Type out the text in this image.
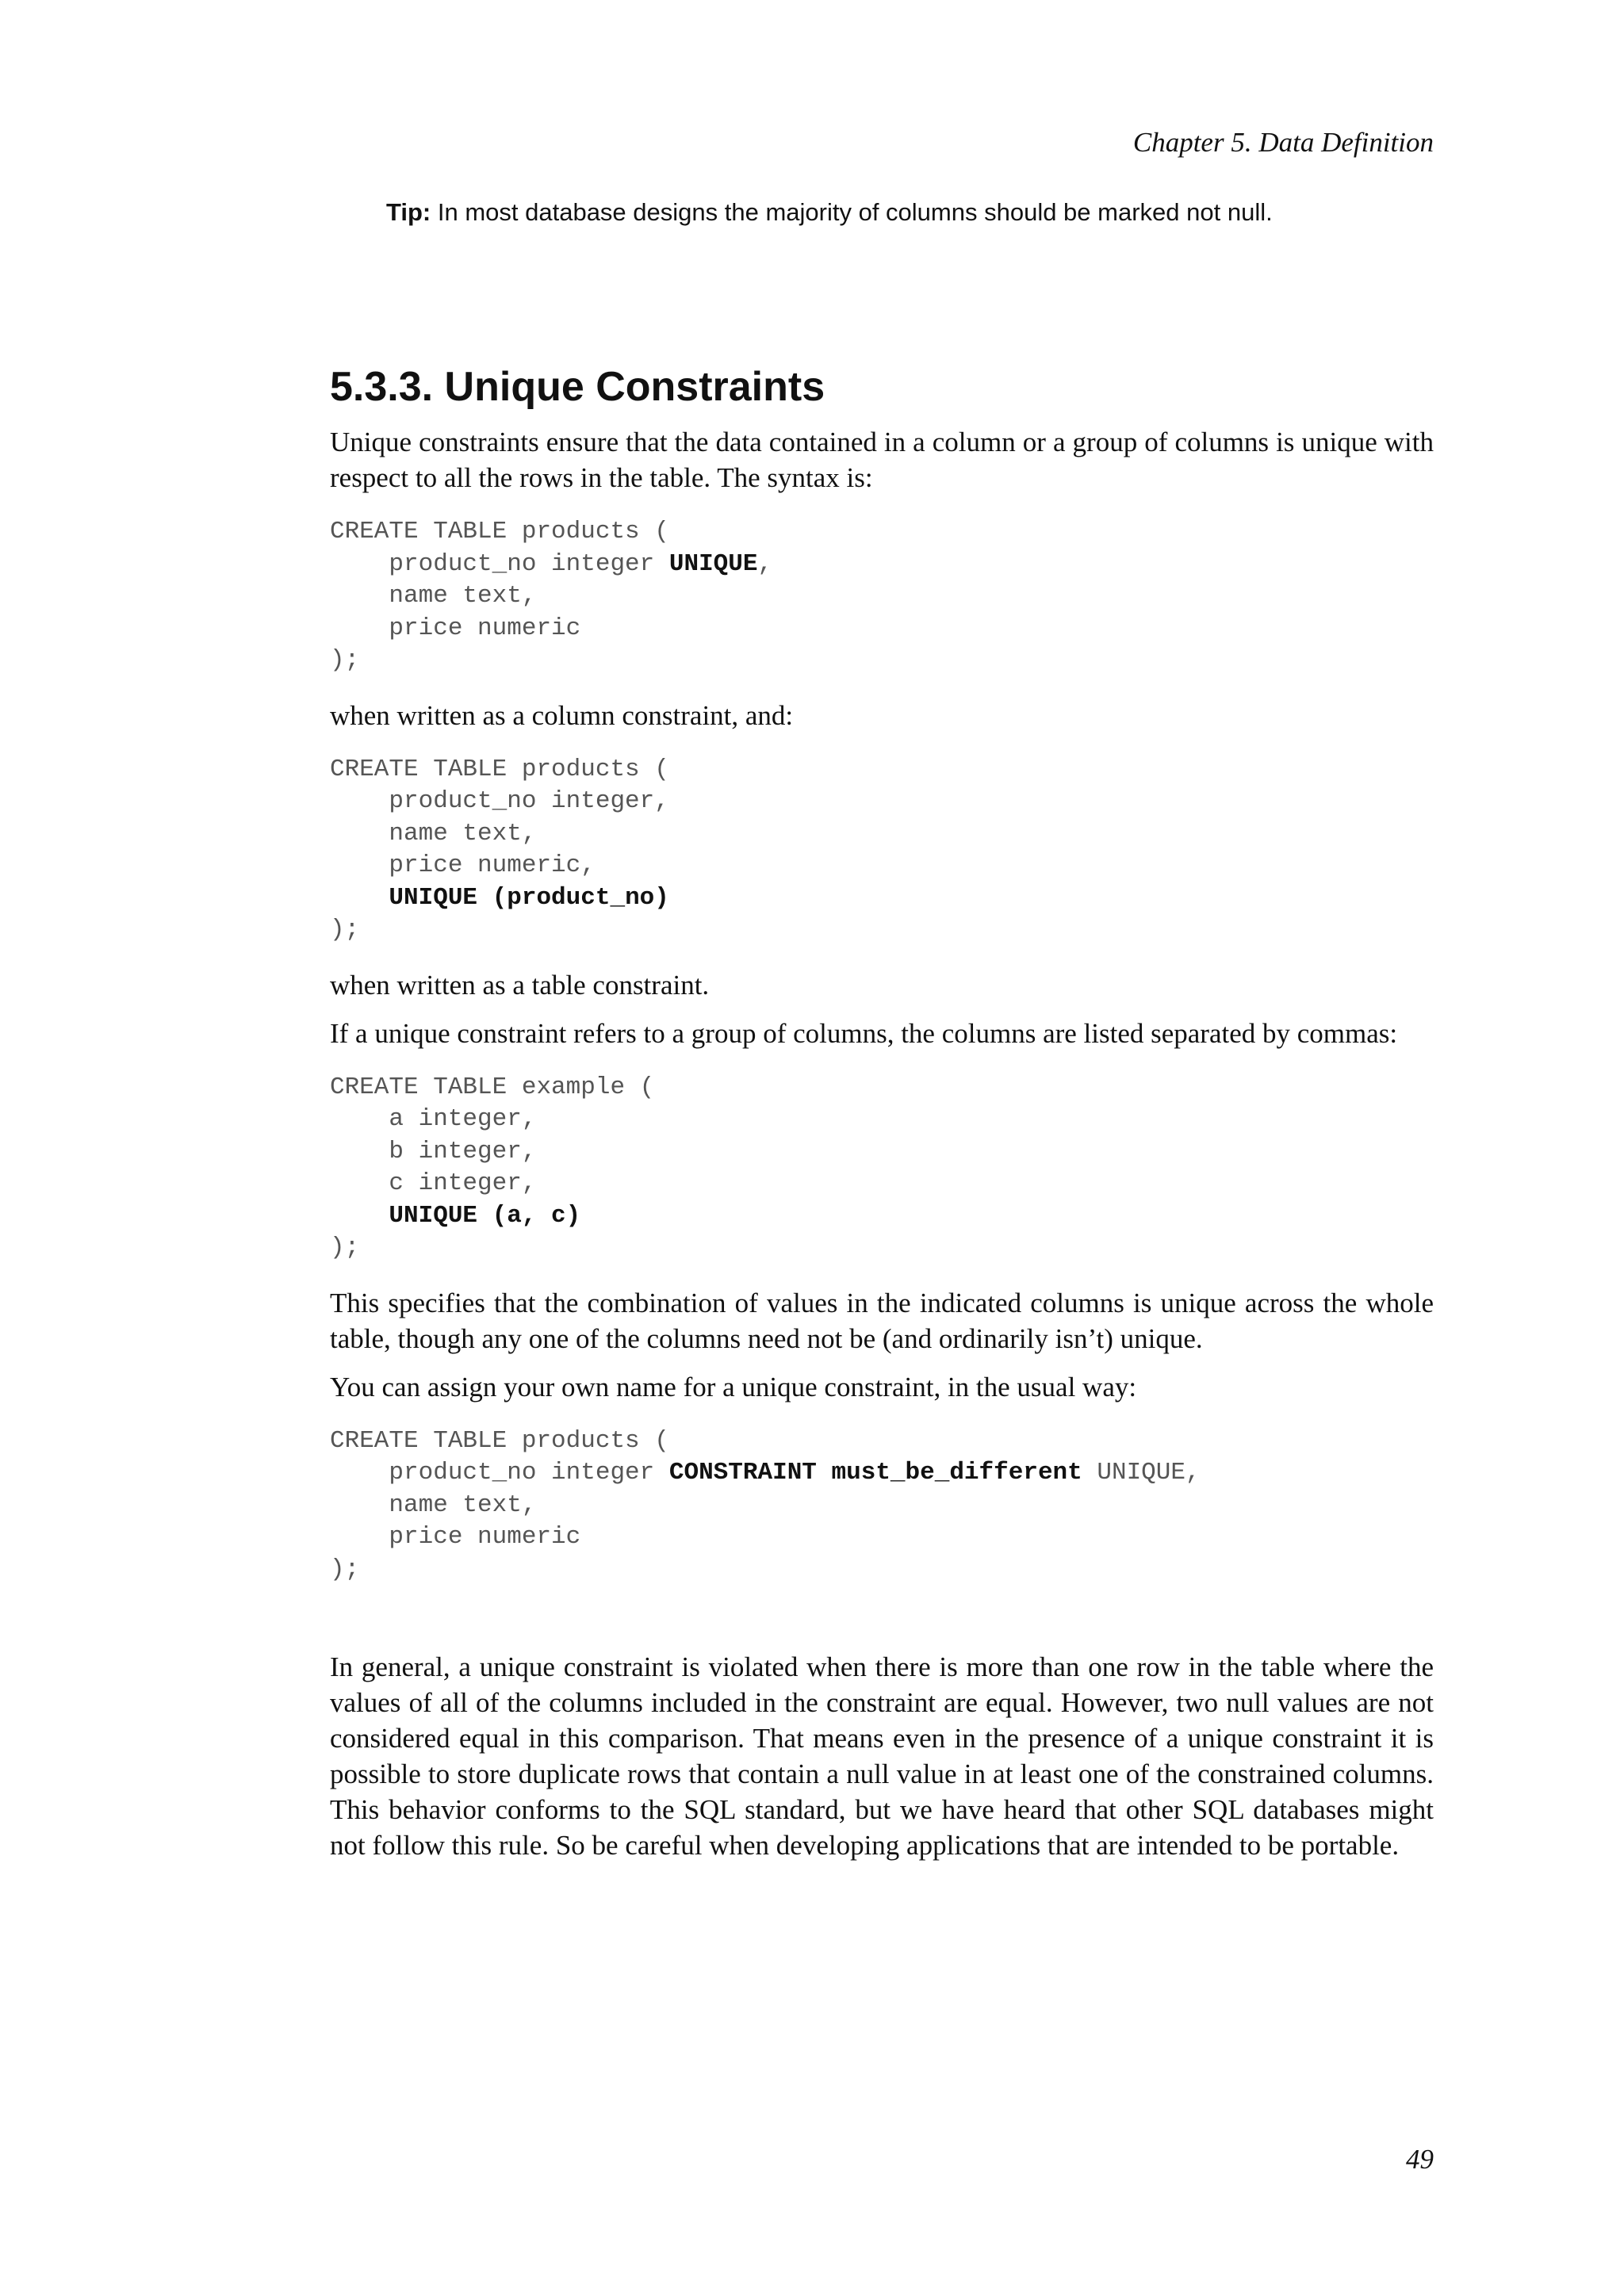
Chapter 5. Data Definition
Tip: In most database designs the majority of columns should be marked not null.
5.3.3. Unique Constraints

Unique constraints ensure that the data contained in a column or a group of columns is unique with respect to all the rows in the table. The syntax is:

CREATE TABLE products (
product_no integer UNIQUE,
name text,
price numeric
);

when written as a column constraint, and:

CREATE TABLE products (
product_no integer,
name text,
price numeric,
UNIQUE (product_no)
);

when written as a table constraint.

If a unique constraint refers to a group of columns, the columns are listed separated by commas:

CREATE TABLE example (
a integer,
b integer,
c integer,
UNIQUE (a, c)
);

This specifies that the combination of values in the indicated columns is unique across the whole table, though any one of the columns need not be (and ordinarily isn’t) unique.

You can assign your own name for a unique constraint, in the usual way:

CREATE TABLE products (
product_no integer CONSTRAINT must_be_different UNIQUE,
name text,
price numeric
);

In general, a unique constraint is violated when there is more than one row in the table where the values of all of the columns included in the constraint are equal. However, two null values are not considered equal in this comparison. That means even in the presence of a unique constraint it is possible to store duplicate rows that contain a null value in at least one of the constrained columns. This behavior conforms to the SQL standard, but we have heard that other SQL databases might not follow this rule. So be careful when developing applications that are intended to be portable.

49
